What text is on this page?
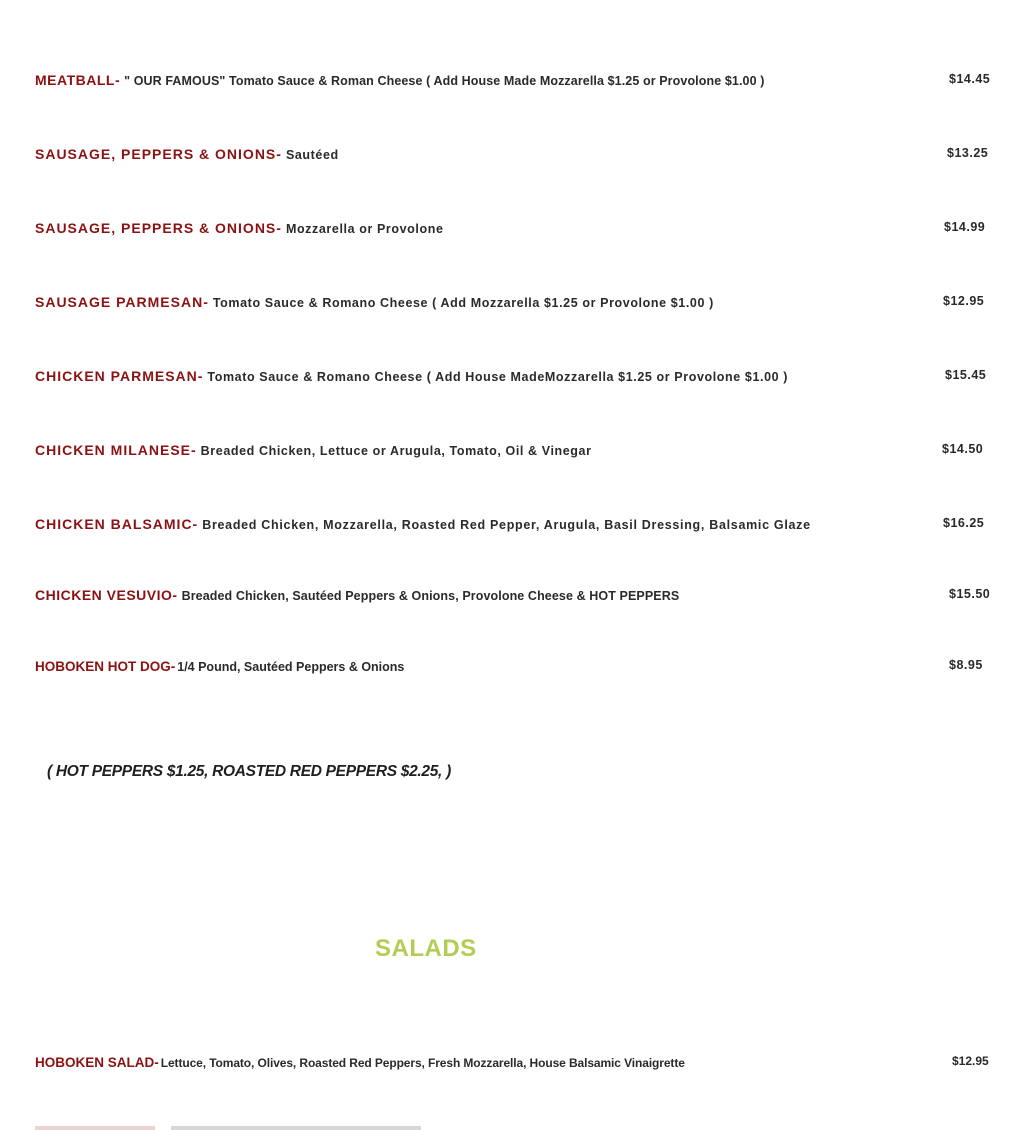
MEATBALL- " OUR FAMOUS" Tomato Sauce & Roman Cheese ( Add House Made Mozzarella $1.25 or Provolone $1.00 )	$14.45
SAUSAGE, PEPPERS & ONIONS- Sautéed	$13.25
SAUSAGE, PEPPERS & ONIONS- Mozzarella or Provolone	$14.99
SAUSAGE PARMESAN- Tomato Sauce & Romano Cheese ( Add Mozzarella $1.25 or Provolone $1.00 )	$12.95
CHICKEN PARMESAN- Tomato Sauce & Romano Cheese ( Add House MadeMozzarella $1.25 or Provolone $1.00 )	$15.45
CHICKEN MILANESE- Breaded Chicken, Lettuce or Arugula, Tomato, Oil & Vinegar	$14.50
CHICKEN BALSAMIC- Breaded Chicken, Mozzarella, Roasted Red Pepper, Arugula, Basil Dressing, Balsamic Glaze	$16.25
CHICKEN VESUVIO- Breaded Chicken, Sautéed Peppers & Onions, Provolone Cheese & HOT PEPPERS	$15.50
HOBOKEN HOT DOG- 1/4 Pound, Sautéed Peppers & Onions	$8.95
( HOT PEPPERS $1.25, ROASTED RED PEPPERS $2.25, )
SALADS
HOBOKEN SALAD- Lettuce, Tomato, Olives, Roasted Red Peppers, Fresh Mozzarella, House Balsamic Vinaigrette	$12.95
